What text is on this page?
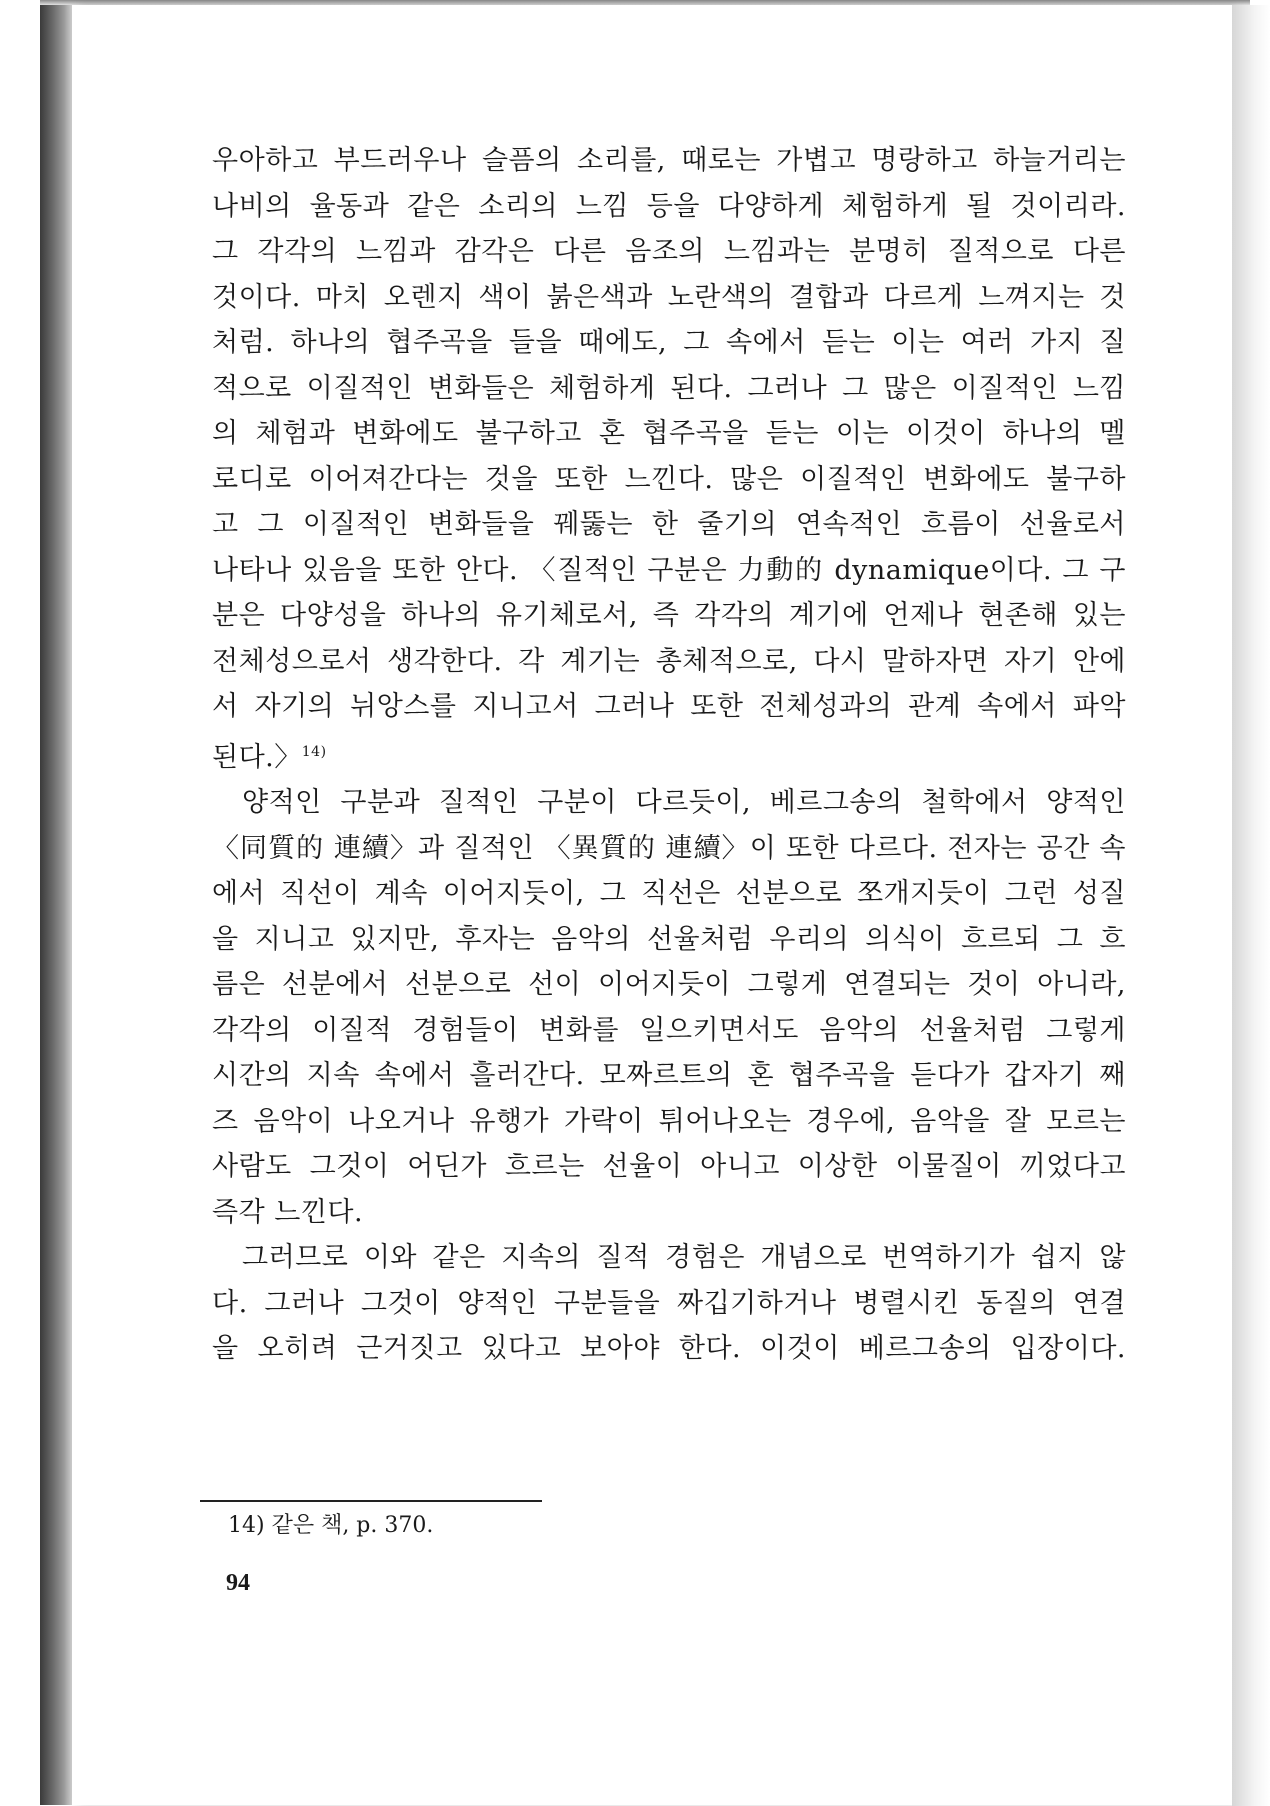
우아하고 부드러우나 슬픔의 소리를, 때로는 가볍고 명랑하고 하늘거리는
나비의 율동과 같은 소리의 느낌 등을 다양하게 체험하게 될 것이리라.
그 각각의 느낌과 감각은 다른 음조의 느낌과는 분명히 질적으로 다른
것이다. 마치 오렌지 색이 붉은색과 노란색의 결합과 다르게 느껴지는 것
처럼. 하나의 협주곡을 들을 때에도, 그 속에서 듣는 이는 여러 가지 질
적으로 이질적인 변화들은 체험하게 된다. 그러나 그 많은 이질적인 느낌
의 체험과 변화에도 불구하고 혼 협주곡을 듣는 이는 이것이 하나의 멜
로디로 이어져간다는 것을 또한 느낀다. 많은 이질적인 변화에도 불구하
고 그 이질적인 변화들을 꿰뚫는 한 줄기의 연속적인 흐름이 선율로서
나타나 있음을 또한 안다. 〈질적인 구분은 力動的 dynamique이다. 그 구
분은 다양성을 하나의 유기체로서, 즉 각각의 계기에 언제나 현존해 있는
전체성으로서 생각한다. 각 계기는 총체적으로, 다시 말하자면 자기 안에
서 자기의 뉘앙스를 지니고서 그러나 또한 전체성과의 관계 속에서 파악
된다.〉$^{14)}$

양적인 구분과 질적인 구분이 다르듯이, 베르그송의 철학에서 양적인
〈同質的 連續〉과 질적인 〈異質的 連續〉이 또한 다르다. 전자는 공간 속
에서 직선이 계속 이어지듯이, 그 직선은 선분으로 쪼개지듯이 그런 성질
을 지니고 있지만, 후자는 음악의 선율처럼 우리의 의식이 흐르되 그 흐
름은 선분에서 선분으로 선이 이어지듯이 그렇게 연결되는 것이 아니라,
각각의 이질적 경험들이 변화를 일으키면서도 음악의 선율처럼 그렇게
시간의 지속 속에서 흘러간다. 모짜르트의 혼 협주곡을 듣다가 갑자기 째
즈 음악이 나오거나 유행가 가락이 튀어나오는 경우에, 음악을 잘 모르는
사람도 그것이 어딘가 흐르는 선율이 아니고 이상한 이물질이 끼었다고
즉각 느낀다.

그러므로 이와 같은 지속의 질적 경험은 개념으로 번역하기가 쉽지 않
다. 그러나 그것이 양적인 구분들을 짜깁기하거나 병렬시킨 동질의 연결
을 오히려 근거짓고 있다고 보아야 한다. 이것이 베르그송의 입장이다.

14) 같은 책, p. 370.
94
